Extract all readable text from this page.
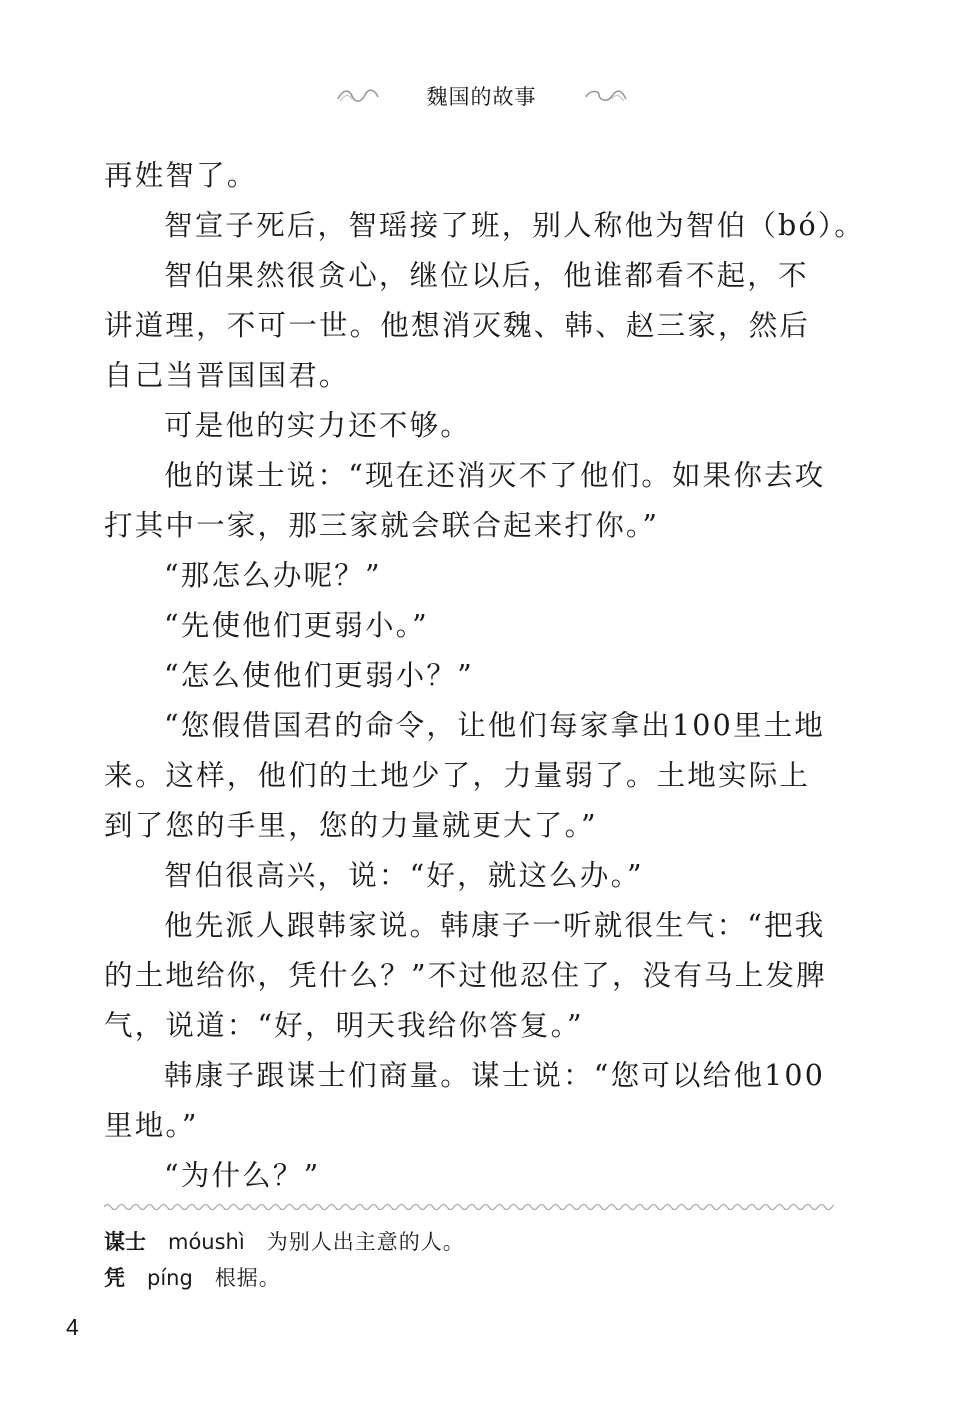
魏国的故事
再姓智了。
智宣子死后，智瑶接了班，别人称他为智伯（bó）。
智伯果然很贪心，继位以后，他谁都看不起，不
讲道理，不可一世。他想消灭魏、韩、赵三家，然后
自己当晋国国君。
可是他的实力还不够。
他的谋士说：“现在还消灭不了他们。如果你去攻
打其中一家，那三家就会联合起来打你。”
“那怎么办呢？”
“先使他们更弱小。”
“怎么使他们更弱小？”
“您假借国君的命令，让他们每家拿出100里土地
来。这样，他们的土地少了，力量弱了。土地实际上
到了您的手里，您的力量就更大了。”
智伯很高兴，说：“好，就这么办。”
他先派人跟韩家说。韩康子一听就很生气：“把我
的土地给你，凭什么？”不过他忍住了，没有马上发脾
气，说道：“好，明天我给你答复。”
韩康子跟谋士们商量。谋士说：“您可以给他100
里地。”
“为什么？”
谋士 móushì 为别人出主意的人。
凭 píng 根据。
4
